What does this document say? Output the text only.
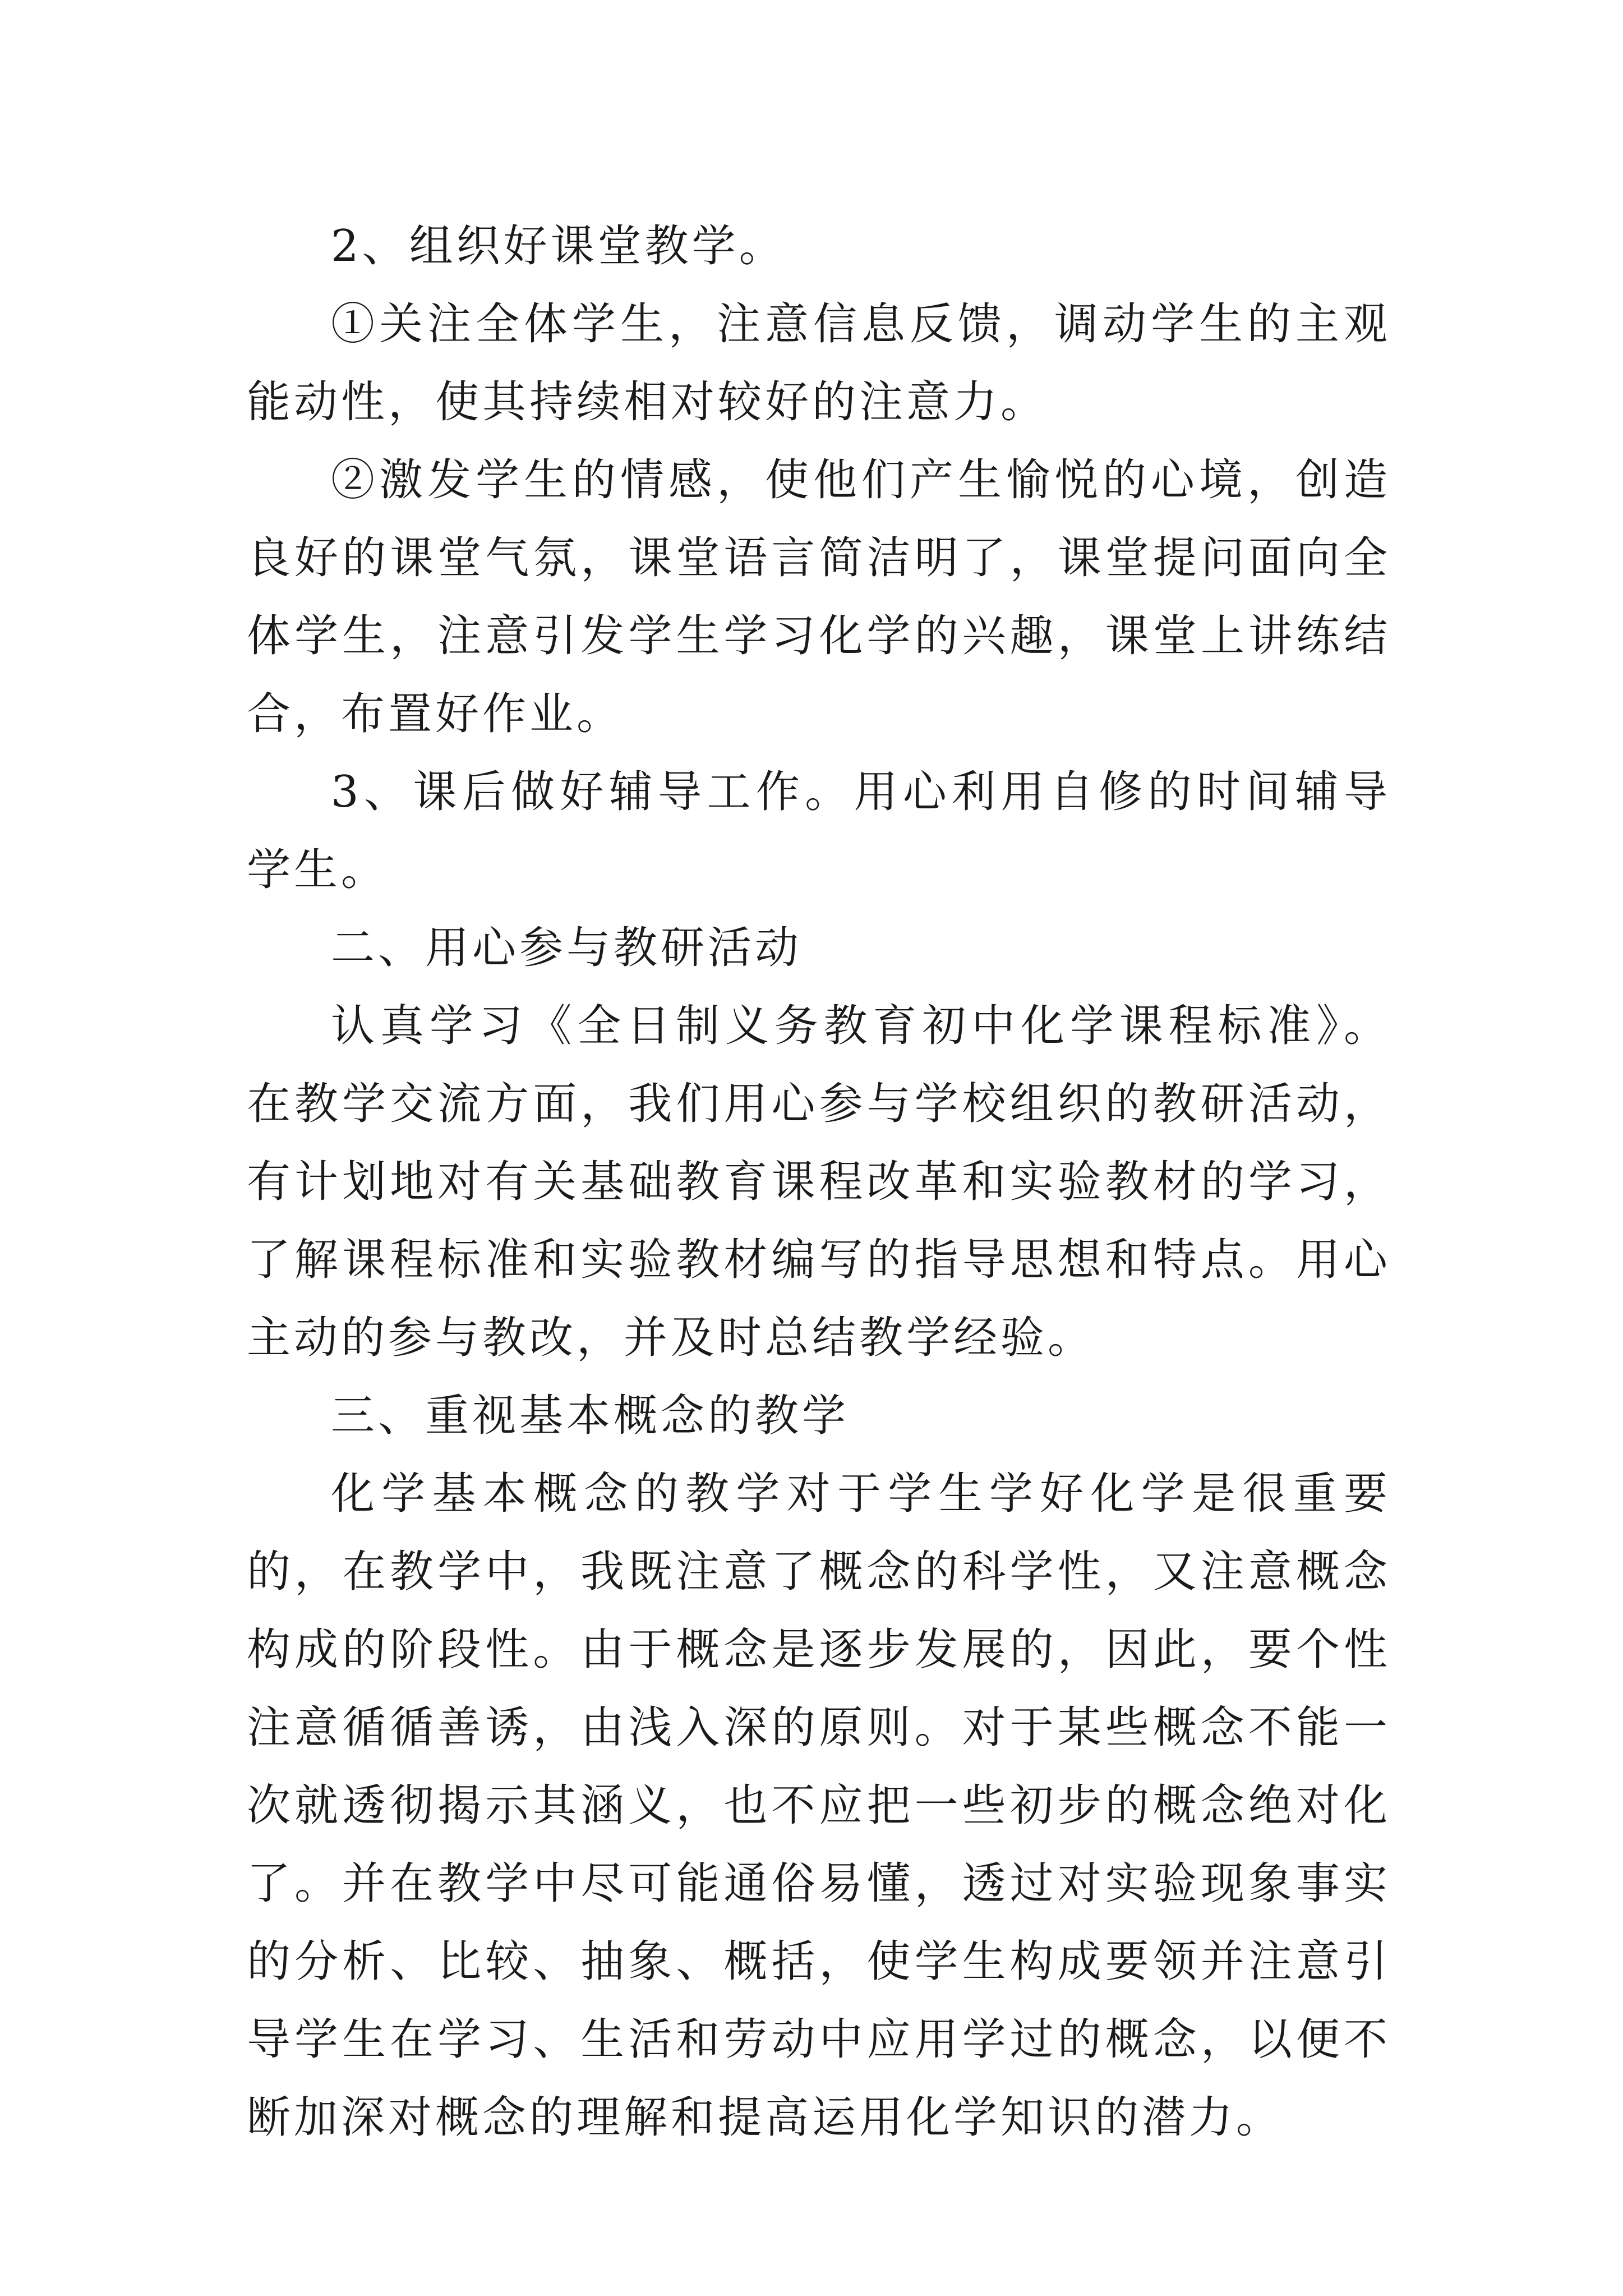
2、组织好课堂教学。

①关注全体学生，注意信息反馈，调动学生的主观能动性，使其持续相对较好的注意力。

②激发学生的情感，使他们产生愉悦的心境，创造良好的课堂气氛，课堂语言简洁明了，课堂提问面向全体学生，注意引发学生学习化学的兴趣，课堂上讲练结合，布置好作业。

3、课后做好辅导工作。用心利用自修的时间辅导学生。

二、用心参与教研活动

认真学习《全日制义务教育初中化学课程标准》。在教学交流方面，我们用心参与学校组织的教研活动，有计划地对有关基础教育课程改革和实验教材的学习，了解课程标准和实验教材编写的指导思想和特点。用心主动的参与教改，并及时总结教学经验。

三、重视基本概念的教学

化学基本概念的教学对于学生学好化学是很重要的，在教学中，我既注意了概念的科学性，又注意概念构成的阶段性。由于概念是逐步发展的，因此，要个性注意循循善诱，由浅入深的原则。对于某些概念不能一次就透彻揭示其涵义，也不应把一些初步的概念绝对化了。并在教学中尽可能通俗易懂，透过对实验现象事实的分析、比较、抽象、概括，使学生构成要领并注意引导学生在学习、生活和劳动中应用学过的概念，以便不断加深对概念的理解和提高运用化学知识的潜力。
